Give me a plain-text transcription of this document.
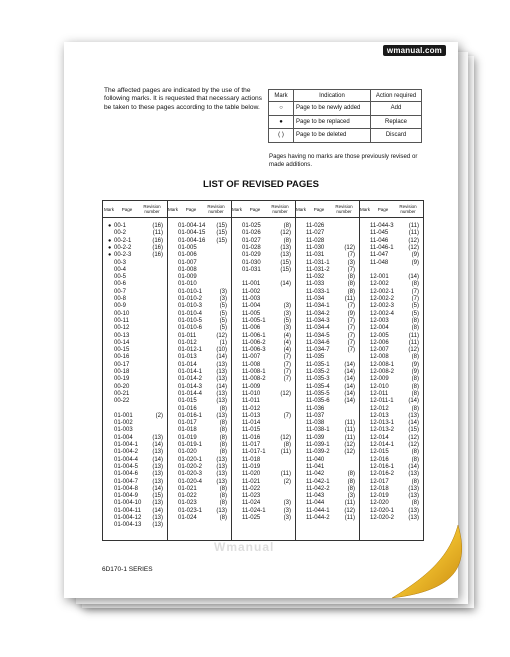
wmanual.com
The affected pages are indicated by the use of the following marks. It is requested that necessary actions be taken to these pages according to the table below.
Mark	Indication	Action required
○	Page to be newly added	Add
●	Page to be replaced	Replace
( )	Page to be deleted	Discard
Pages having no marks are those previously revised or made additions.
LIST OF REVISED PAGES
Mark	Page	Revision number	Mark	Page	Revision number	Mark	Page	Revision number	Mark	Page	Revision number	Mark	Page	Revision number
● 00-1	(16)
00-2	(11)
● 00-2-1	(16)
● 00-2-2	(16)
● 00-2-3	(16)
00-3
00-4
00-5
00-6
00-7
00-8
00-9
00-10
00-11
00-12
00-13
00-14
00-15
00-16
00-17
00-18
00-19
00-20
00-21
00-22
01-001	(2)
01-002
01-003
01-004	(13)
01-004-1 (14)
01-004-2 (13)
01-004-4 (14)
01-004-5 (13)
01-004-6 (13)
01-004-7 (13)
01-004-8 (14)
01-004-9 (15)
01-004-10 (13)
01-004-11 (14)
01-004-12 (13)
01-004-13 (13)
01-004-14 (15)
01-004-15 (15)
01-004-16 (15)
01-005
01-006
01-007
01-008
01-009
01-010
01-010-1	(3)
01-010-2	(3)
01-010-3	(5)
01-010-4	(5)
01-010-5	(5)
01-010-6	(5)
01-011	(12)
01-012	(1)
01-012-1 (10)
01-013	(14)
01-014	(13)
01-014-1 (13)
01-014-2 (13)
01-014-3 (14)
01-014-4 (13)
01-015	(13)
01-016	(8)
01-016-1 (13)
01-017	(8)
01-018	(8)
01-019	(8)
01-019-1	(8)
01-020	(8)
01-020-1 (13)
01-020-2 (13)
01-020-3 (13)
01-020-4 (13)
01-021	(8)
01-022	(8)
01-023	(8)
01-023-1 (13)
01-024	(8)
01-025	(8)
01-026	(12)
01-027	(8)
01-028	(13)
01-029	(13)
01-030	(15)
01-031	(15)
11-001	(14)
11-002
11-003
11-004	(3)
11-005	(3)
11-005-1	(5)
11-006	(3)
11-006-1	(4)
11-006-2	(4)
11-006-3	(4)
11-007	(7)
11-008	(7)
11-008-1	(7)
11-008-2	(7)
11-009
11-010	(12)
11-011
11-012
11-013	(7)
11-014
11-015
11-016	(12)
11-017	(8)
11-017-1	(11)
11-018
11-019
11-020	(11)
11-021	(2)
11-022
11-023
11-024	(3)
11-024-1	(3)
11-025	(3)
11-026
11-027
11-028
11-030	(12)
11-031	(7)
11-031-1	(3)
11-031-2	(7)
11-032	(8)
11-033	(8)
11-033-1	(8)
11-034	(11)
11-034-1	(7)
11-034-2	(9)
11-034-3	(7)
11-034-4	(7)
11-034-5	(7)
11-034-6	(7)
11-034-7	(7)
11-035
11-035-1 (14)
11-035-2 (14)
11-035-3 (14)
11-035-4 (14)
11-035-5 (14)
11-035-6 (14)
11-036
11-037
11-038	(11)
11-038-1	(11)
11-039	(11)
11-039-1 (12)
11-039-2 (12)
11-040
11-041
11-042	(8)
11-042-1	(8)
11-042-2	(8)
11-043	(3)
11-044	(11)
11-044-1 (12)
11-044-2	(11)
11-044-3	(11)
11-045	(11)
11-046	(12)
11-046-1 (12)
11-047	(9)
11-048	(9)
12-001	(14)
12-002	(8)
12-002-1	(7)
12-002-2	(7)
12-002-3	(5)
12-002-4	(5)
12-003	(8)
12-004	(8)
12-005	(11)
12-006	(11)
12-007	(12)
12-008	(8)
12-008-1	(9)
12-008-2	(9)
12-009	(8)
12-010	(8)
12-011	(8)
12-011-1 (14)
12-012	(8)
12-013	(13)
12-013-1 (14)
12-013-2 (15)
12-014	(12)
12-014-1 (12)
12-015	(8)
12-016	(8)
12-016-1 (14)
12-016-2 (13)
12-017	(8)
12-018	(13)
12-019	(13)
12-020	(8)
12-020-1 (13)
12-020-2 (13)
Wmanual
6D170-1 SERIES
